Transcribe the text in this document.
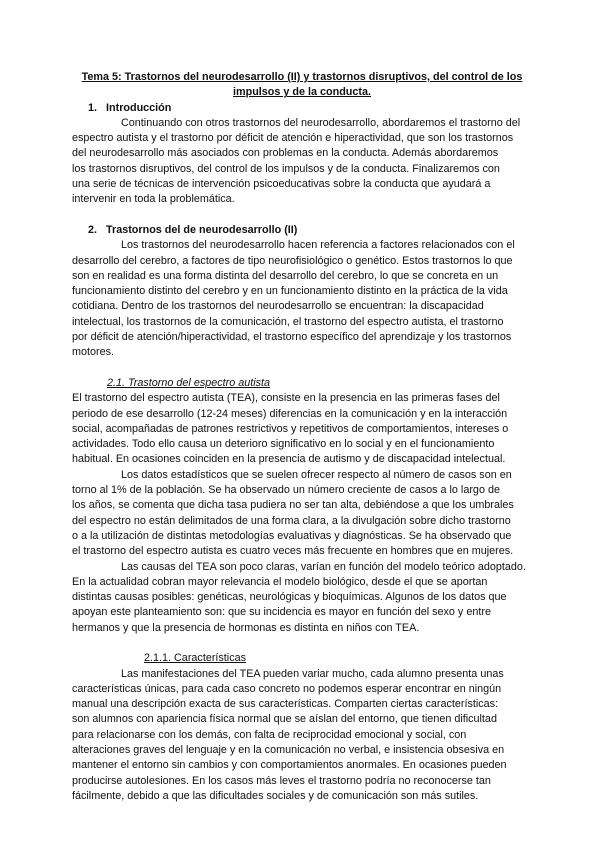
Tema 5: Trastornos del neurodesarrollo (II) y trastornos disruptivos, del control de los
impulsos y de la conducta.
1. Introducción
Continuando con otros trastornos del neurodesarrollo, abordaremos el trastorno del
espectro autista y el trastorno por déficit de atención e hiperactividad, que son los trastornos
del neurodesarrollo más asociados con problemas en la conducta. Además abordaremos
los trastornos disruptivos, del control de los impulsos y de la conducta. Finalizaremos con
una serie de técnicas de intervención psicoeducativas sobre la conducta que ayudará a
intervenir en toda la problemática.
2. Trastornos del de neurodesarrollo (II)
Los trastornos del neurodesarrollo hacen referencia a factores relacionados con el
desarrollo del cerebro, a factores de tipo neurofisiológico o genético. Estos trastornos lo que
son en realidad es una forma distinta del desarrollo del cerebro, lo que se concreta en un
funcionamiento distinto del cerebro y en un funcionamiento distinto en la práctica de la vida
cotidiana. Dentro de los trastornos del neurodesarrollo se encuentran: la discapacidad
intelectual, los trastornos de la comunicación, el trastorno del espectro autista, el trastorno
por déficit de atención/hiperactividad, el trastorno específico del aprendizaje y los trastornos
motores.
2.1. Trastorno del espectro autista
El trastorno del espectro autista (TEA), consiste en la presencia en las primeras fases del
periodo de ese desarrollo (12-24 meses) diferencias en la comunicación y en la interacción
social, acompañadas de patrones restrictivos y repetitivos de comportamientos, intereses o
actividades. Todo ello causa un deterioro significativo en lo social y en el funcionamiento
habitual. En ocasiones coinciden en la presencia de autismo y de discapacidad intelectual.
Los datos estadísticos que se suelen ofrecer respecto al número de casos son en
torno al 1% de la población. Se ha observado un número creciente de casos a lo largo de
los años, se comenta que dicha tasa pudiera no ser tan alta, debiéndose a que los umbrales
del espectro no están delimitados de una forma clara, a la divulgación sobre dicho trastorno
o a la utilización de distintas metodologías evaluativas y diagnósticas. Se ha observado que
el trastorno del espectro autista es cuatro veces más frecuente en hombres que en mujeres.
Las causas del TEA son poco claras, varían en función del modelo teórico adoptado.
En la actualidad cobran mayor relevancia el modelo biológico, desde el que se aportan
distintas causas posibles: genéticas, neurológicas y bioquímicas. Algunos de los datos que
apoyan este planteamiento son: que su incidencia es mayor en función del sexo y entre
hermanos y que la presencia de hormonas es distinta en niños con TEA.
2.1.1. Características
Las manifestaciones del TEA pueden variar mucho, cada alumno presenta unas
características únicas, para cada caso concreto no podemos esperar encontrar en ningún
manual una descripción exacta de sus características. Comparten ciertas características:
son alumnos con apariencia física normal que se aíslan del entorno, que tienen dificultad
para relacionarse con los demás, con falta de reciprocidad emocional y social, con
alteraciones graves del lenguaje y en la comunicación no verbal, e insistencia obsesiva en
mantener el entorno sin cambios y con comportamientos anormales. En ocasiones pueden
producirse autolesiones. En los casos más leves el trastorno podría no reconocerse tan
fácilmente, debido a que las dificultades sociales y de comunicación son más sutiles.
